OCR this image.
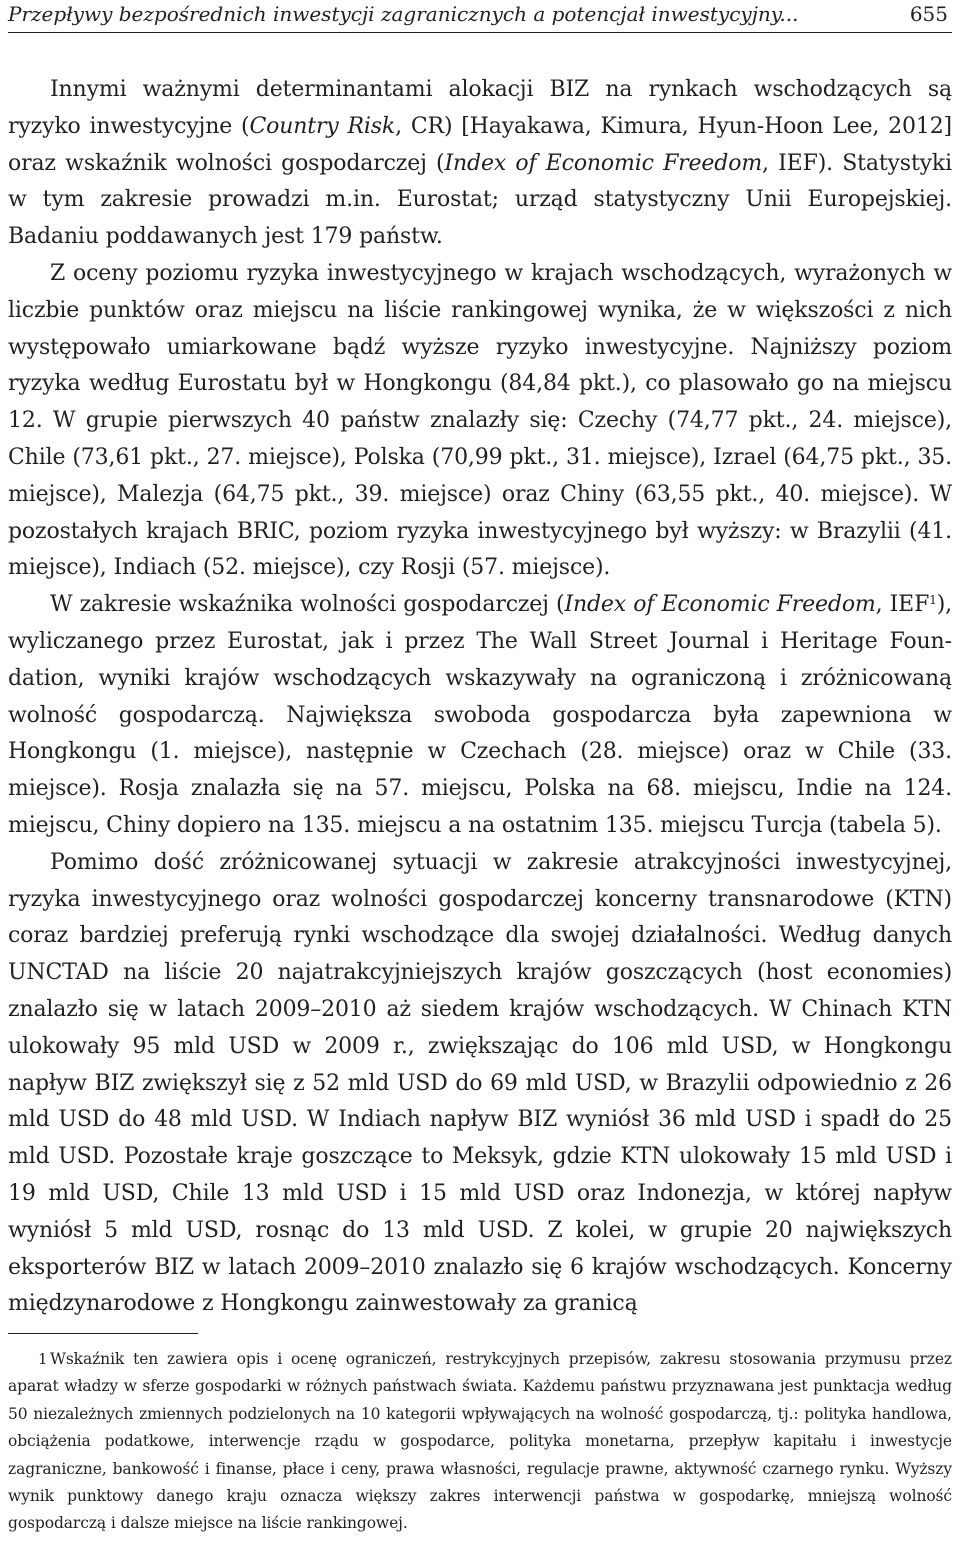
Przepływy bezpośrednich inwestycji zagranicznych a potencjał inwestycyjny...	655

Innymi ważnymi determinantami alokacji BIZ na rynkach wschodzących są ryzyko inwestycyjne (Country Risk, CR) [Hayakawa, Kimura, Hyun-Hoon Lee, 2012] oraz wskaźnik wolności gospodarczej (Index of Economic Freedom, IEF). Statystyki w tym zakresie prowadzi m.in. Eurostat; urząd statystyczny Unii Europejskiej. Badaniu poddawanych jest 179 państw.

Z oceny poziomu ryzyka inwestycyjnego w krajach wschodzących, wyrażonych w liczbie punktów oraz miejscu na liście rankingowej wynika, że w większości z nich występowało umiarkowane bądź wyższe ryzyko inwestycyjne. Najniższy poziom ryzyka według Eurostatu był w Hongkongu (84,84 pkt.), co plasowało go na miejscu 12. W grupie pierwszych 40 państw znalazły się: Czechy (74,77 pkt., 24. miejsce), Chile (73,61 pkt., 27. miejsce), Polska (70,99 pkt., 31. miejsce), Izrael (64,75 pkt., 35. miejsce), Malezja (64,75 pkt., 39. miejsce) oraz Chiny (63,55 pkt., 40. miejsce). W pozostałych krajach BRIC, poziom ryzyka inwestycyjnego był wyższy: w Brazylii (41. miejsce), Indiach (52. miejsce), czy Rosji (57. miejsce).

W zakresie wskaźnika wolności gospodarczej (Index of Economic Freedom, IEF$^1$), wyliczanego przez Eurostat, jak i przez The Wall Street Journal i Heritage Foundation, wyniki krajów wschodzących wskazywały na ograniczoną i zróżnicowaną wolność gospodarczą. Największa swoboda gospodarcza była zapewniona w Hongkongu (1. miejsce), następnie w Czechach (28. miejsce) oraz w Chile (33. miejsce). Rosja znalazła się na 57. miejscu, Polska na 68. miejscu, Indie na 124. miejscu, Chiny dopiero na 135. miejscu a na ostatnim 135. miejscu Turcja (tabela 5).

Pomimo dość zróżnicowanej sytuacji w zakresie atrakcyjności inwestycyjnej, ryzyka inwestycyjnego oraz wolności gospodarczej koncerny transnarodowe (KTN) coraz bardziej preferują rynki wschodzące dla swojej działalności. Według danych UNCTAD na liście 20 najatrakcyjniejszych krajów goszczących (host economies) znalazło się w latach 2009–2010 aż siedem krajów wschodzących. W Chinach KTN ulokowały 95 mld USD w 2009 r., zwiększając do 106 mld USD, w Hongkongu napływ BIZ zwiększył się z 52 mld USD do 69 mld USD, w Brazylii odpowiednio z 26 mld USD do 48 mld USD. W Indiach napływ BIZ wyniósł 36 mld USD i spadł do 25 mld USD. Pozostałe kraje goszczące to Meksyk, gdzie KTN ulokowały 15 mld USD i 19 mld USD, Chile 13 mld USD i 15 mld USD oraz Indonezja, w której napływ wyniósł 5 mld USD, rosnąc do 13 mld USD. Z kolei, w grupie 20 największych eksporterów BIZ w latach 2009–2010 znalazło się 6 krajów wschodzących. Koncerny międzynarodowe z Hongkongu zainwestowały za granicą

1 Wskaźnik ten zawiera opis i ocenę ograniczeń, restrykcyjnych przepisów, zakresu stosowania przymusu przez aparat władzy w sferze gospodarki w różnych państwach świata. Każdemu państwu przyznawana jest punktacja według 50 niezależnych zmiennych podzielonych na 10 kategorii wpływających na wolność gospodarczą, tj.: polityka handlowa, obciążenia podatkowe, interwencje rządu w gospodarce, polityka monetarna, przepływ kapitału i inwestycje zagraniczne, bankowość i finanse, płace i ceny, prawa własności, regulacje prawne, aktywność czarnego rynku. Wyższy wynik punktowy danego kraju oznacza większy zakres interwencji państwa w gospodarkę, mniejszą wolność gospodarczą i dalsze miejsce na liście rankingowej.
